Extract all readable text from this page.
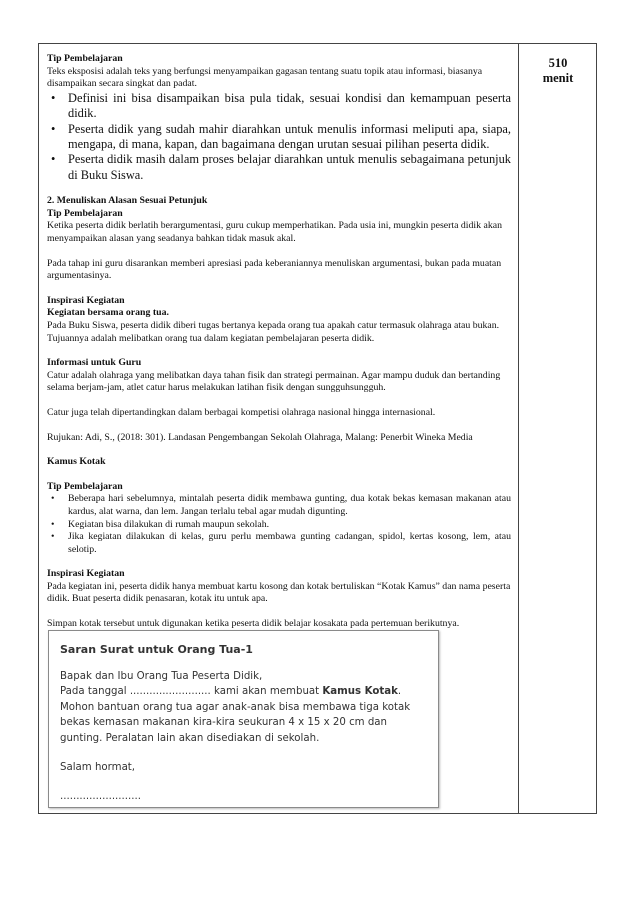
510
menit

Tip Pembelajaran

Teks eksposisi adalah teks yang berfungsi menyampaikan gagasan tentang suatu topik atau informasi, biasanya disampaikan secara singkat dan padat.

• Definisi ini bisa disampaikan bisa pula tidak, sesuai kondisi dan kemampuan peserta didik.
• Peserta didik yang sudah mahir diarahkan untuk menulis informasi meliputi apa, siapa, mengapa, di mana, kapan, dan bagaimana dengan urutan sesuai pilihan peserta didik.
• Peserta didik masih dalam proses belajar diarahkan untuk menulis sebagaimana petunjuk di Buku Siswa.

2. Menuliskan Alasan Sesuai Petunjuk

Tip Pembelajaran

Ketika peserta didik berlatih berargumentasi, guru cukup memperhatikan. Pada usia ini, mungkin peserta didik akan menyampaikan alasan yang seadanya bahkan tidak masuk akal.

Pada tahap ini guru disarankan memberi apresiasi pada keberaniannya menuliskan argumentasi, bukan pada muatan argumentasinya.

Inspirasi Kegiatan

Kegiatan bersama orang tua.

Pada Buku Siswa, peserta didik diberi tugas bertanya kepada orang tua apakah catur termasuk olahraga atau bukan. Tujuannya adalah melibatkan orang tua dalam kegiatan pembelajaran peserta didik.

Informasi untuk Guru

Catur adalah olahraga yang melibatkan daya tahan fisik dan strategi permainan. Agar mampu duduk dan bertanding selama berjam-jam, atlet catur harus melakukan latihan fisik dengan sungguhsungguh.

Catur juga telah dipertandingkan dalam berbagai kompetisi olahraga nasional hingga internasional.

Rujukan: Adi, S., (2018: 301). Landasan Pengembangan Sekolah Olahraga, Malang: Penerbit Wineka Media

Kamus Kotak

Tip Pembelajaran

• Beberapa hari sebelumnya, mintalah peserta didik membawa gunting, dua kotak bekas kemasan makanan atau kardus, alat warna, dan lem. Jangan terlalu tebal agar mudah digunting.
• Kegiatan bisa dilakukan di rumah maupun sekolah.
• Jika kegiatan dilakukan di kelas, guru perlu membawa gunting cadangan, spidol, kertas kosong, lem, atau selotip.

Inspirasi Kegiatan

Pada kegiatan ini, peserta didik hanya membuat kartu kosong dan kotak bertuliskan “Kotak Kamus” dan nama peserta didik. Buat peserta didik penasaran, kotak itu untuk apa.

Simpan kotak tersebut untuk digunakan ketika peserta didik belajar kosakata pada pertemuan berikutnya.

Saran Surat untuk Orang Tua-1

Bapak dan Ibu Orang Tua Peserta Didik,

Pada tanggal ......................... kami akan membuat Kamus Kotak. Mohon bantuan orang tua agar anak-anak bisa membawa tiga kotak bekas kemasan makanan kira-kira seukuran 4 x 15 x 20 cm dan gunting. Peralatan lain akan disediakan di sekolah.

Salam hormat,

.........................
